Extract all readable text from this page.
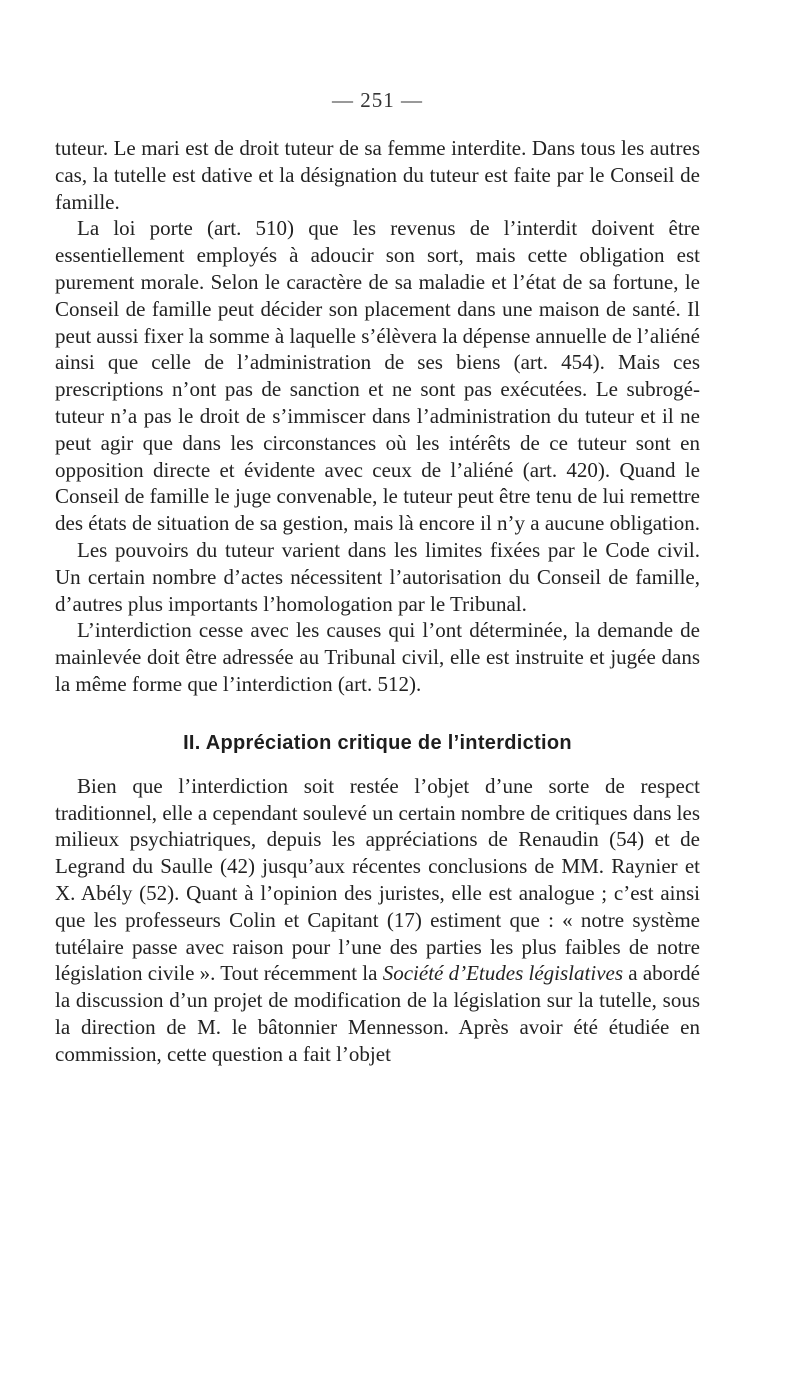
— 251 —

tuteur. Le mari est de droit tuteur de sa femme interdite. Dans tous les autres cas, la tutelle est dative et la désignation du tuteur est faite par le Conseil de famille.

La loi porte (art. 510) que les revenus de l’interdit doivent être essentiellement employés à adoucir son sort, mais cette obligation est purement morale. Selon le caractère de sa maladie et l’état de sa fortune, le Conseil de famille peut décider son placement dans une maison de santé. Il peut aussi fixer la somme à laquelle s’élèvera la dépense annuelle de l’aliéné ainsi que celle de l’administration de ses biens (art. 454). Mais ces prescriptions n’ont pas de sanction et ne sont pas exécutées. Le subrogé-tuteur n’a pas le droit de s’immiscer dans l’administration du tuteur et il ne peut agir que dans les circonstances où les intérêts de ce tuteur sont en opposition directe et évidente avec ceux de l’aliéné (art. 420). Quand le Conseil de famille le juge convenable, le tuteur peut être tenu de lui remettre des états de situation de sa gestion, mais là encore il n’y a aucune obligation.

Les pouvoirs du tuteur varient dans les limites fixées par le Code civil. Un certain nombre d’actes nécessitent l’autorisation du Conseil de famille, d’autres plus importants l’homologation par le Tribunal.

L’interdiction cesse avec les causes qui l’ont déterminée, la demande de mainlevée doit être adressée au Tribunal civil, elle est instruite et jugée dans la même forme que l’interdiction (art. 512).

II. Appréciation critique de l’interdiction

Bien que l’interdiction soit restée l’objet d’une sorte de respect traditionnel, elle a cependant soulevé un certain nombre de critiques dans les milieux psychiatriques, depuis les appréciations de Renaudin (54) et de Legrand du Saulle (42) jusqu’aux récentes conclusions de MM. Raynier et X. Abély (52). Quant à l’opinion des juristes, elle est analogue ; c’est ainsi que les professeurs Colin et Capitant (17) estiment que : « notre système tutélaire passe avec raison pour l’une des parties les plus faibles de notre législation civile ». Tout récemment la Société d’Etudes législatives a abordé la discussion d’un projet de modification de la législation sur la tutelle, sous la direction de M. le bâtonnier Mennesson. Après avoir été étudiée en commission, cette question a fait l’objet
